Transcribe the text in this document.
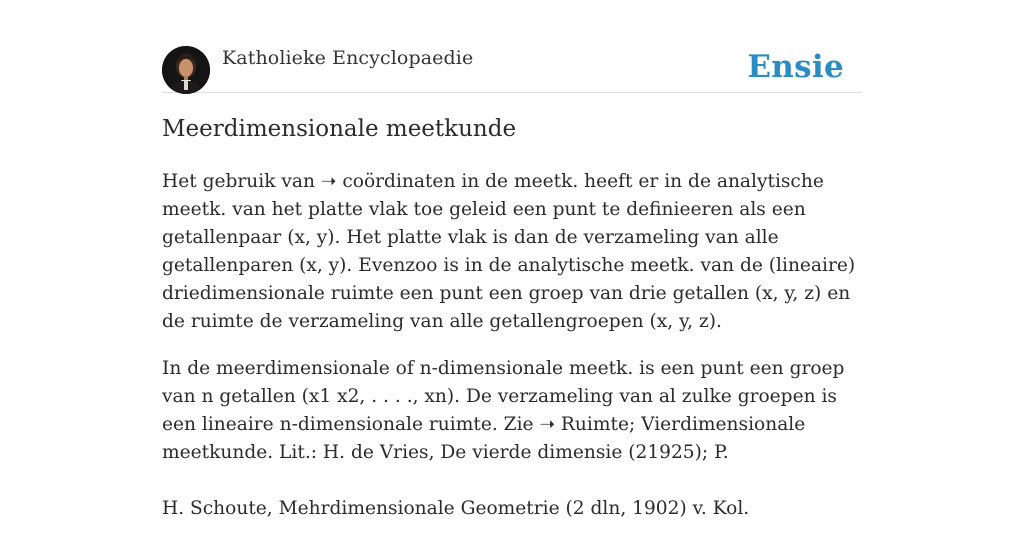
Katholieke Encyclopaedie	Ensie
Meerdimensionale meetkunde

Het gebruik van ➝ coördinaten in de meetk. heeft er in de analytische meetk. van het platte vlak toe geleid een punt te definieeren als een getallenpaar (x, y). Het platte vlak is dan de verzameling van alle getallenparen (x, y). Evenzoo is in de analytische meetk. van de (lineaire) driedimensionale ruimte een punt een groep van drie getallen (x, y, z) en de ruimte de verzameling van alle getallengroepen (x, y, z).

In de meerdimensionale of n-dimensionale meetk. is een punt een groep van n getallen (x1 x2, . . . ., xn). De verzameling van al zulke groepen is een lineaire n-dimensionale ruimte. Zie ➝ Ruimte; Vierdimensionale meetkunde. Lit.: H. de Vries, De vierde dimensie (21925); P.

H. Schoute, Mehrdimensionale Geometrie (2 dln, 1902) v. Kol.
